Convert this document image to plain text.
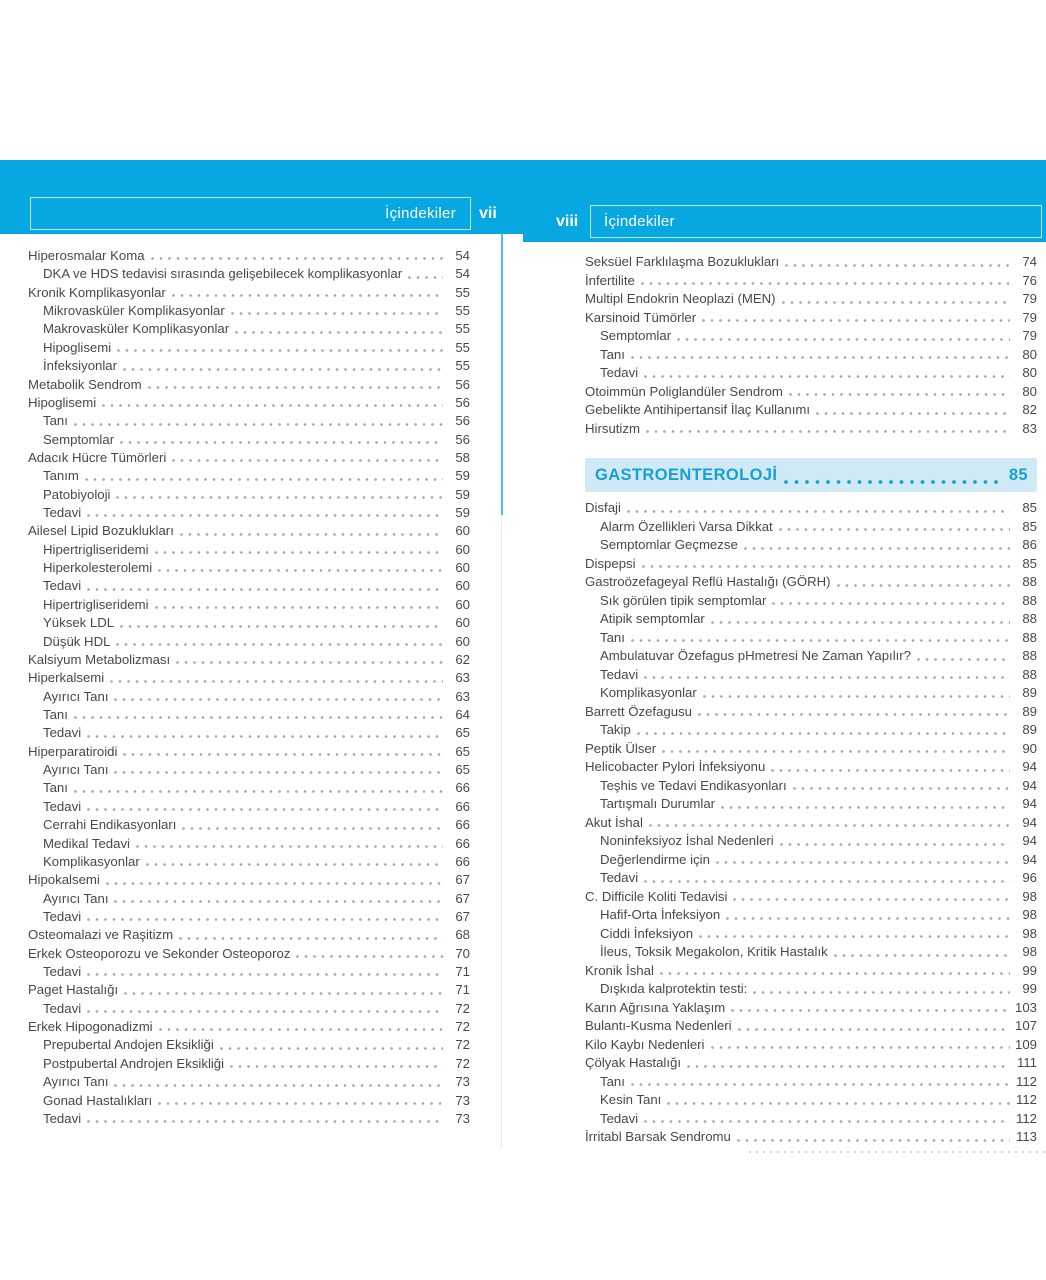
İçindekiler vii	viii İçindekiler
Hiperosmalar Koma	54
DKA ve HDS tedavisi sırasında gelişebilecek komplikasyonlar	54
Kronik Komplikasyonlar	55
Mikrovasküler Komplikasyonlar	55
Makrovasküler Komplikasyonlar	55
Hipoglisemi	55
İnfeksiyonlar	55
Metabolik Sendrom	56
Hipoglisemi	56
Tanı	56
Semptomlar	56
Adacık Hücre Tümörleri	58
Tanım	59
Patobiyoloji	59
Tedavi	59
Ailesel Lipid Bozuklukları	60
Hipertrigliseridemi	60
Hiperkolesterolemi	60
Tedavi	60
Hipertrigliseridemi	60
Yüksek LDL	60
Düşük HDL	60
Kalsiyum Metabolizması	62
Hiperkalsemi	63
Ayırıcı Tanı	63
Tanı	64
Tedavi	65
Hiperparatiroidi	65
Ayırıcı Tanı	65
Tanı	66
Tedavi	66
Cerrahi Endikasyonları	66
Medikal Tedavi	66
Komplikasyonlar	66
Hipokalsemi	67
Ayırıcı Tanı	67
Tedavi	67
Osteomalazi ve Raşitizm	68
Erkek Osteoporozu ve Sekonder Osteoporoz	70
Tedavi	71
Paget Hastalığı	71
Tedavi	72
Erkek Hipogonadizmi	72
Prepubertal Andojen Eksikliği	72
Postpubertal Androjen Eksikliği	72
Ayırıcı Tanı	73
Gonad Hastalıkları	73
Tedavi	73
Seksüel Farklılaşma Bozuklukları	74
İnfertilite	76
Multipl Endokrin Neoplazi (MEN)	79
Karsinoid Tümörler	79
Semptomlar	79
Tanı	80
Tedavi	80
Otoimmün Poliglandüler Sendrom	80
Gebelikte Antihipertansif İlaç Kullanımı	82
Hirsutizm	83
GASTROENTEROLOJİ	85
Disfaji	85
Alarm Özellikleri Varsa Dikkat	85
Semptomlar Geçmezse	86
Dispepsi	85
Gastroözefageyal Reflü Hastalığı (GÖRH)	88
Sık görülen tipik semptomlar	88
Atipik semptomlar	88
Tanı	88
Ambulatuvar Özefagus pHmetresi Ne Zaman Yapılır?	88
Tedavi	88
Komplikasyonlar	89
Barrett Özefagusu	89
Takip	89
Peptik Ülser	90
Helicobacter Pylori İnfeksiyonu	94
Teşhis ve Tedavi Endikasyonları	94
Tartışmalı Durumlar	94
Akut İshal	94
Noninfeksiyoz İshal Nedenleri	94
Değerlendirme için	94
Tedavi	96
C. Difficile Koliti Tedavisi	98
Hafif-Orta İnfeksiyon	98
Ciddi İnfeksiyon	98
İleus, Toksik Megakolon, Kritik Hastalık	98
Kronik İshal	99
Dışkıda kalprotektin testi:	99
Karın Ağrısına Yaklaşım	103
Bulantı-Kusma Nedenleri	107
Kilo Kaybı Nedenleri	109
Çölyak Hastalığı	111
Tanı	112
Kesin Tanı	112
Tedavi	112
İrritabl Barsak Sendromu	113
